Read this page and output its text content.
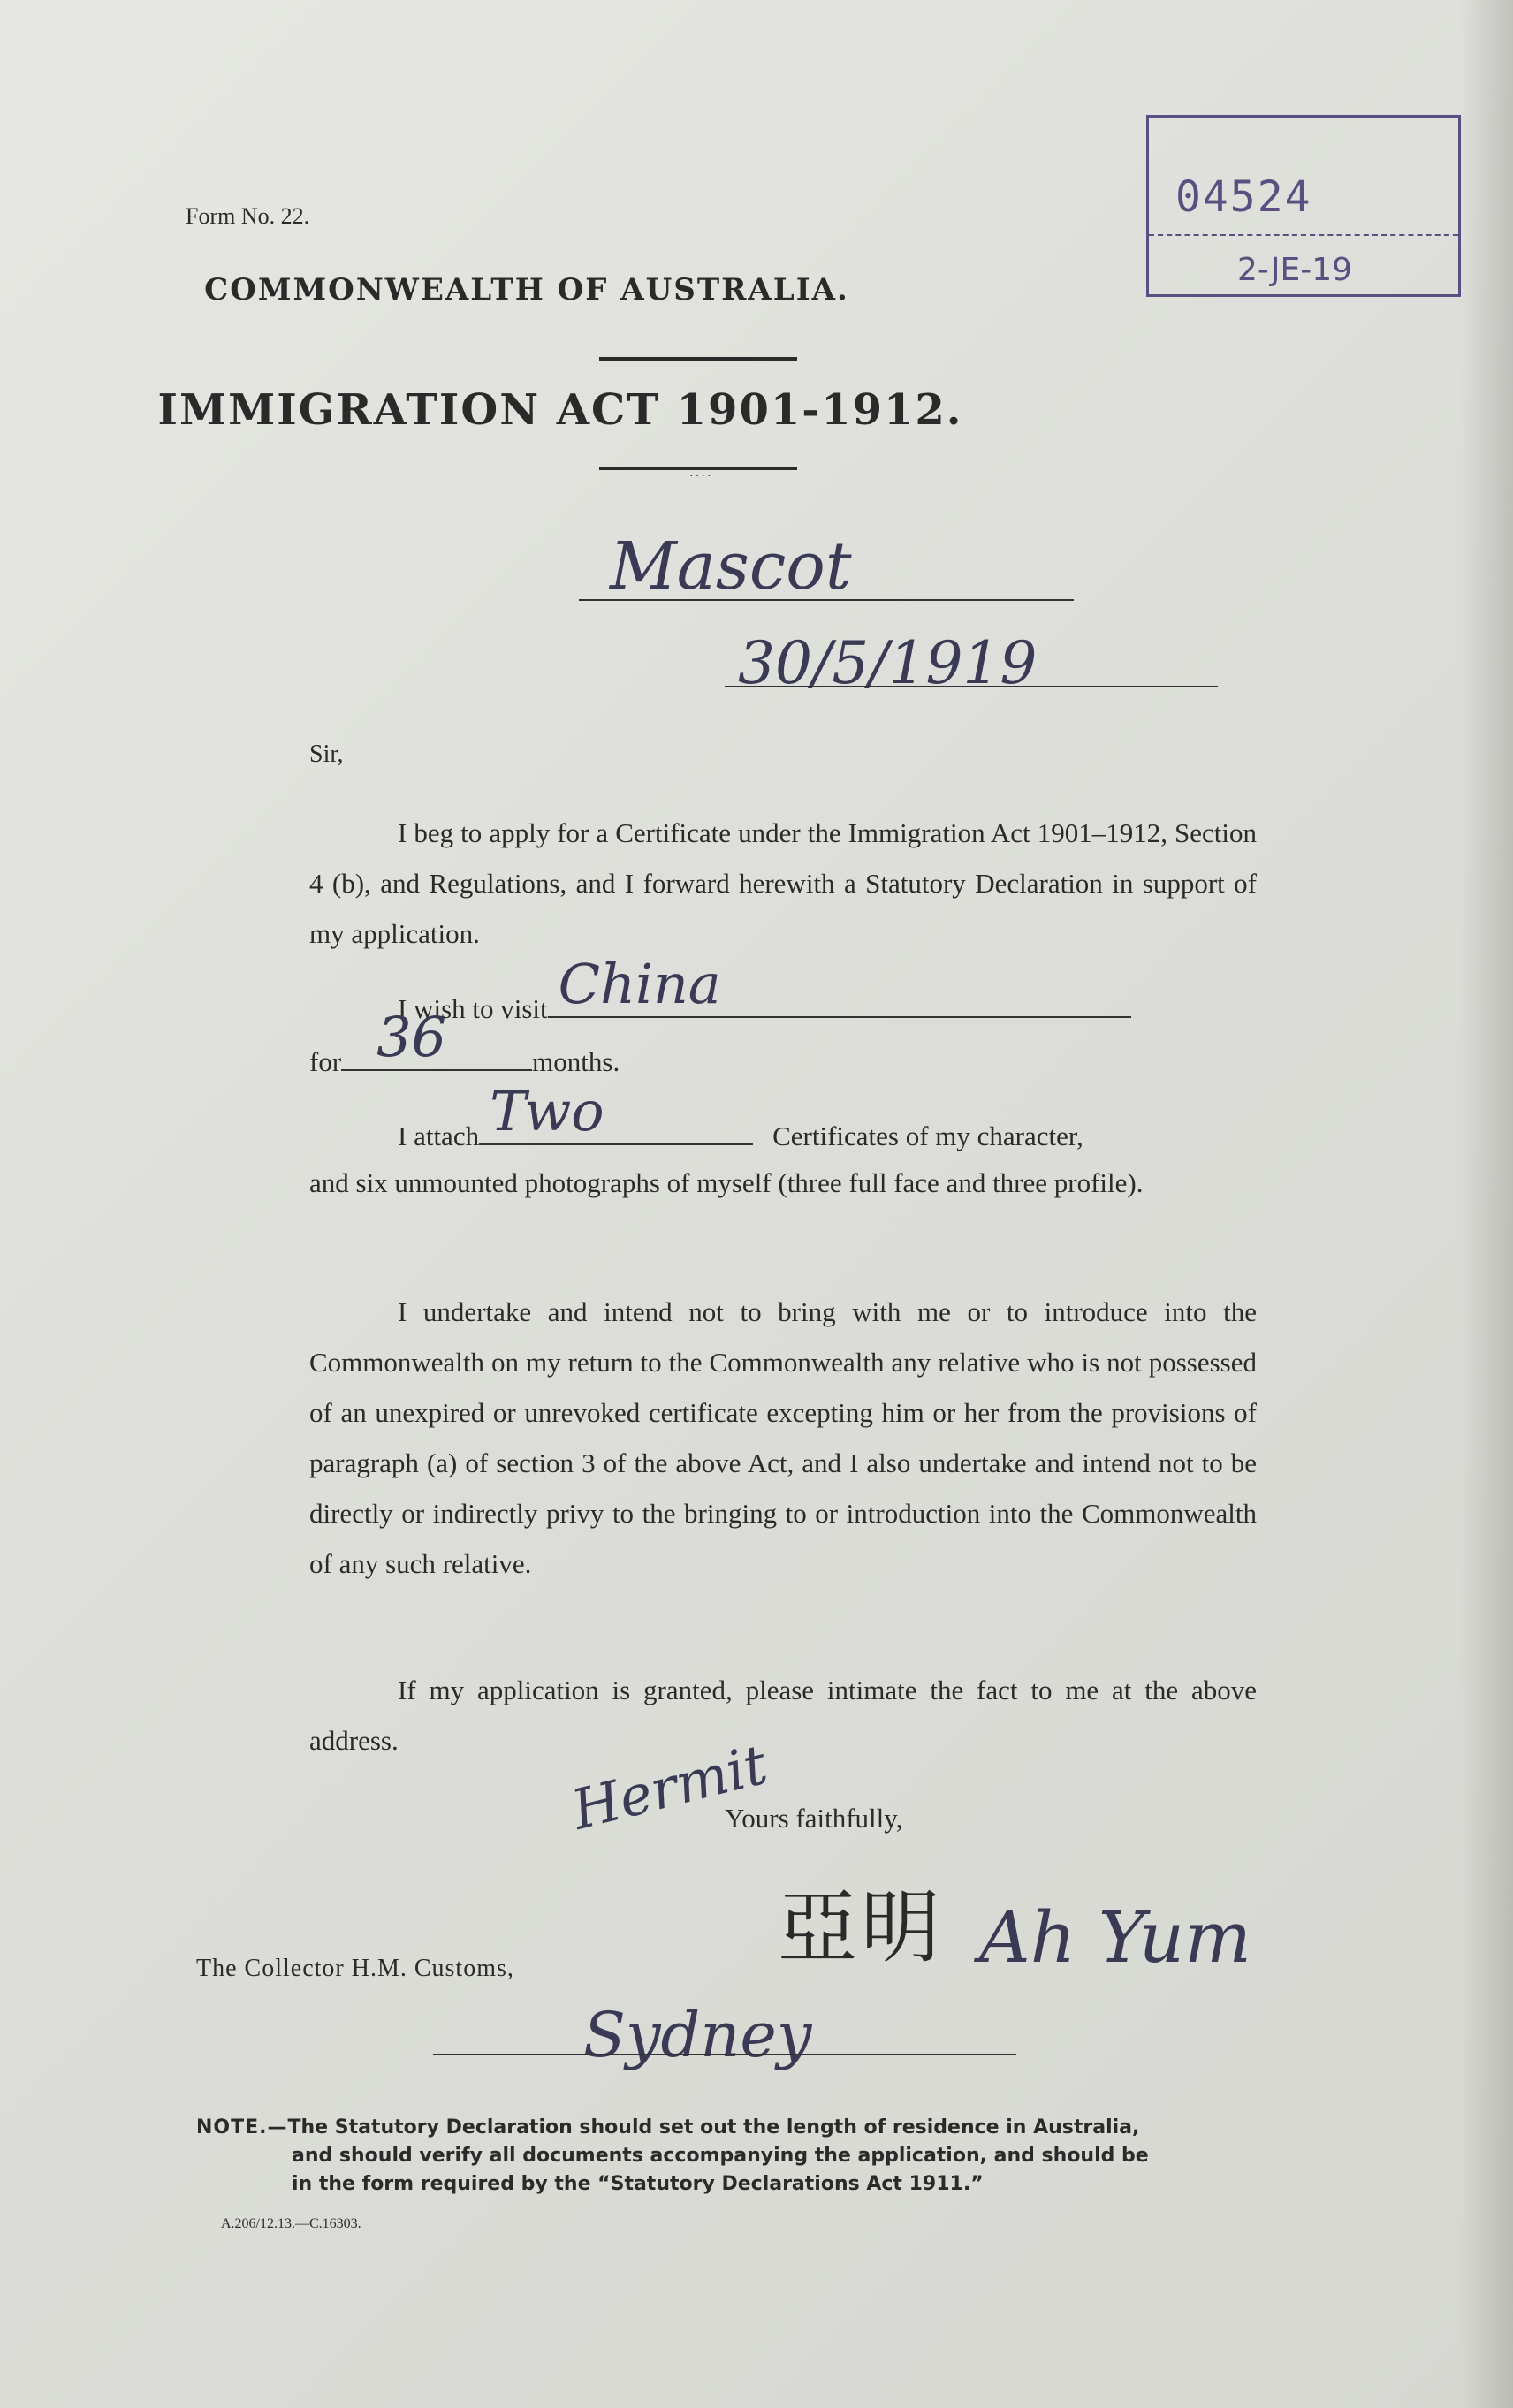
Form No. 22.	04524
2-JE-19
COMMONWEALTH OF AUSTRALIA.
IMMIGRATION ACT 1901-1912.
····
Mascot
30/5/1919
Sir,
I beg to apply for a Certificate under the Immigration Act 1901–1912, Section 4 (b), and Regulations, and I forward herewith a Statutory Declaration in support of my application.
I wish to visit China
for 36	months.
I attach Two	Certificates of my character,
and six unmounted photographs of myself (three full face and three profile).
I undertake and intend not to bring with me or to introduce into the Commonwealth on my return to the Commonwealth any relative who is not possessed of an unexpired or unrevoked certificate excepting him or her from the provisions of paragraph (a) of section 3 of the above Act, and I also undertake and intend not to be directly or indirectly privy to the bringing to or introduction into the Commonwealth of any such relative.
If my application is granted, please intimate the fact to me at the above address.	Hermit
Yours faithfully,
亞明 Ah Yum
The Collector H.M. Customs,
Sydney
NOTE.—The Statutory Declaration should set out the length of residence in Australia,
and should verify all documents accompanying the application, and should be
in the form required by the “Statutory Declarations Act 1911.”
A.206/12.13.—C.16303.
